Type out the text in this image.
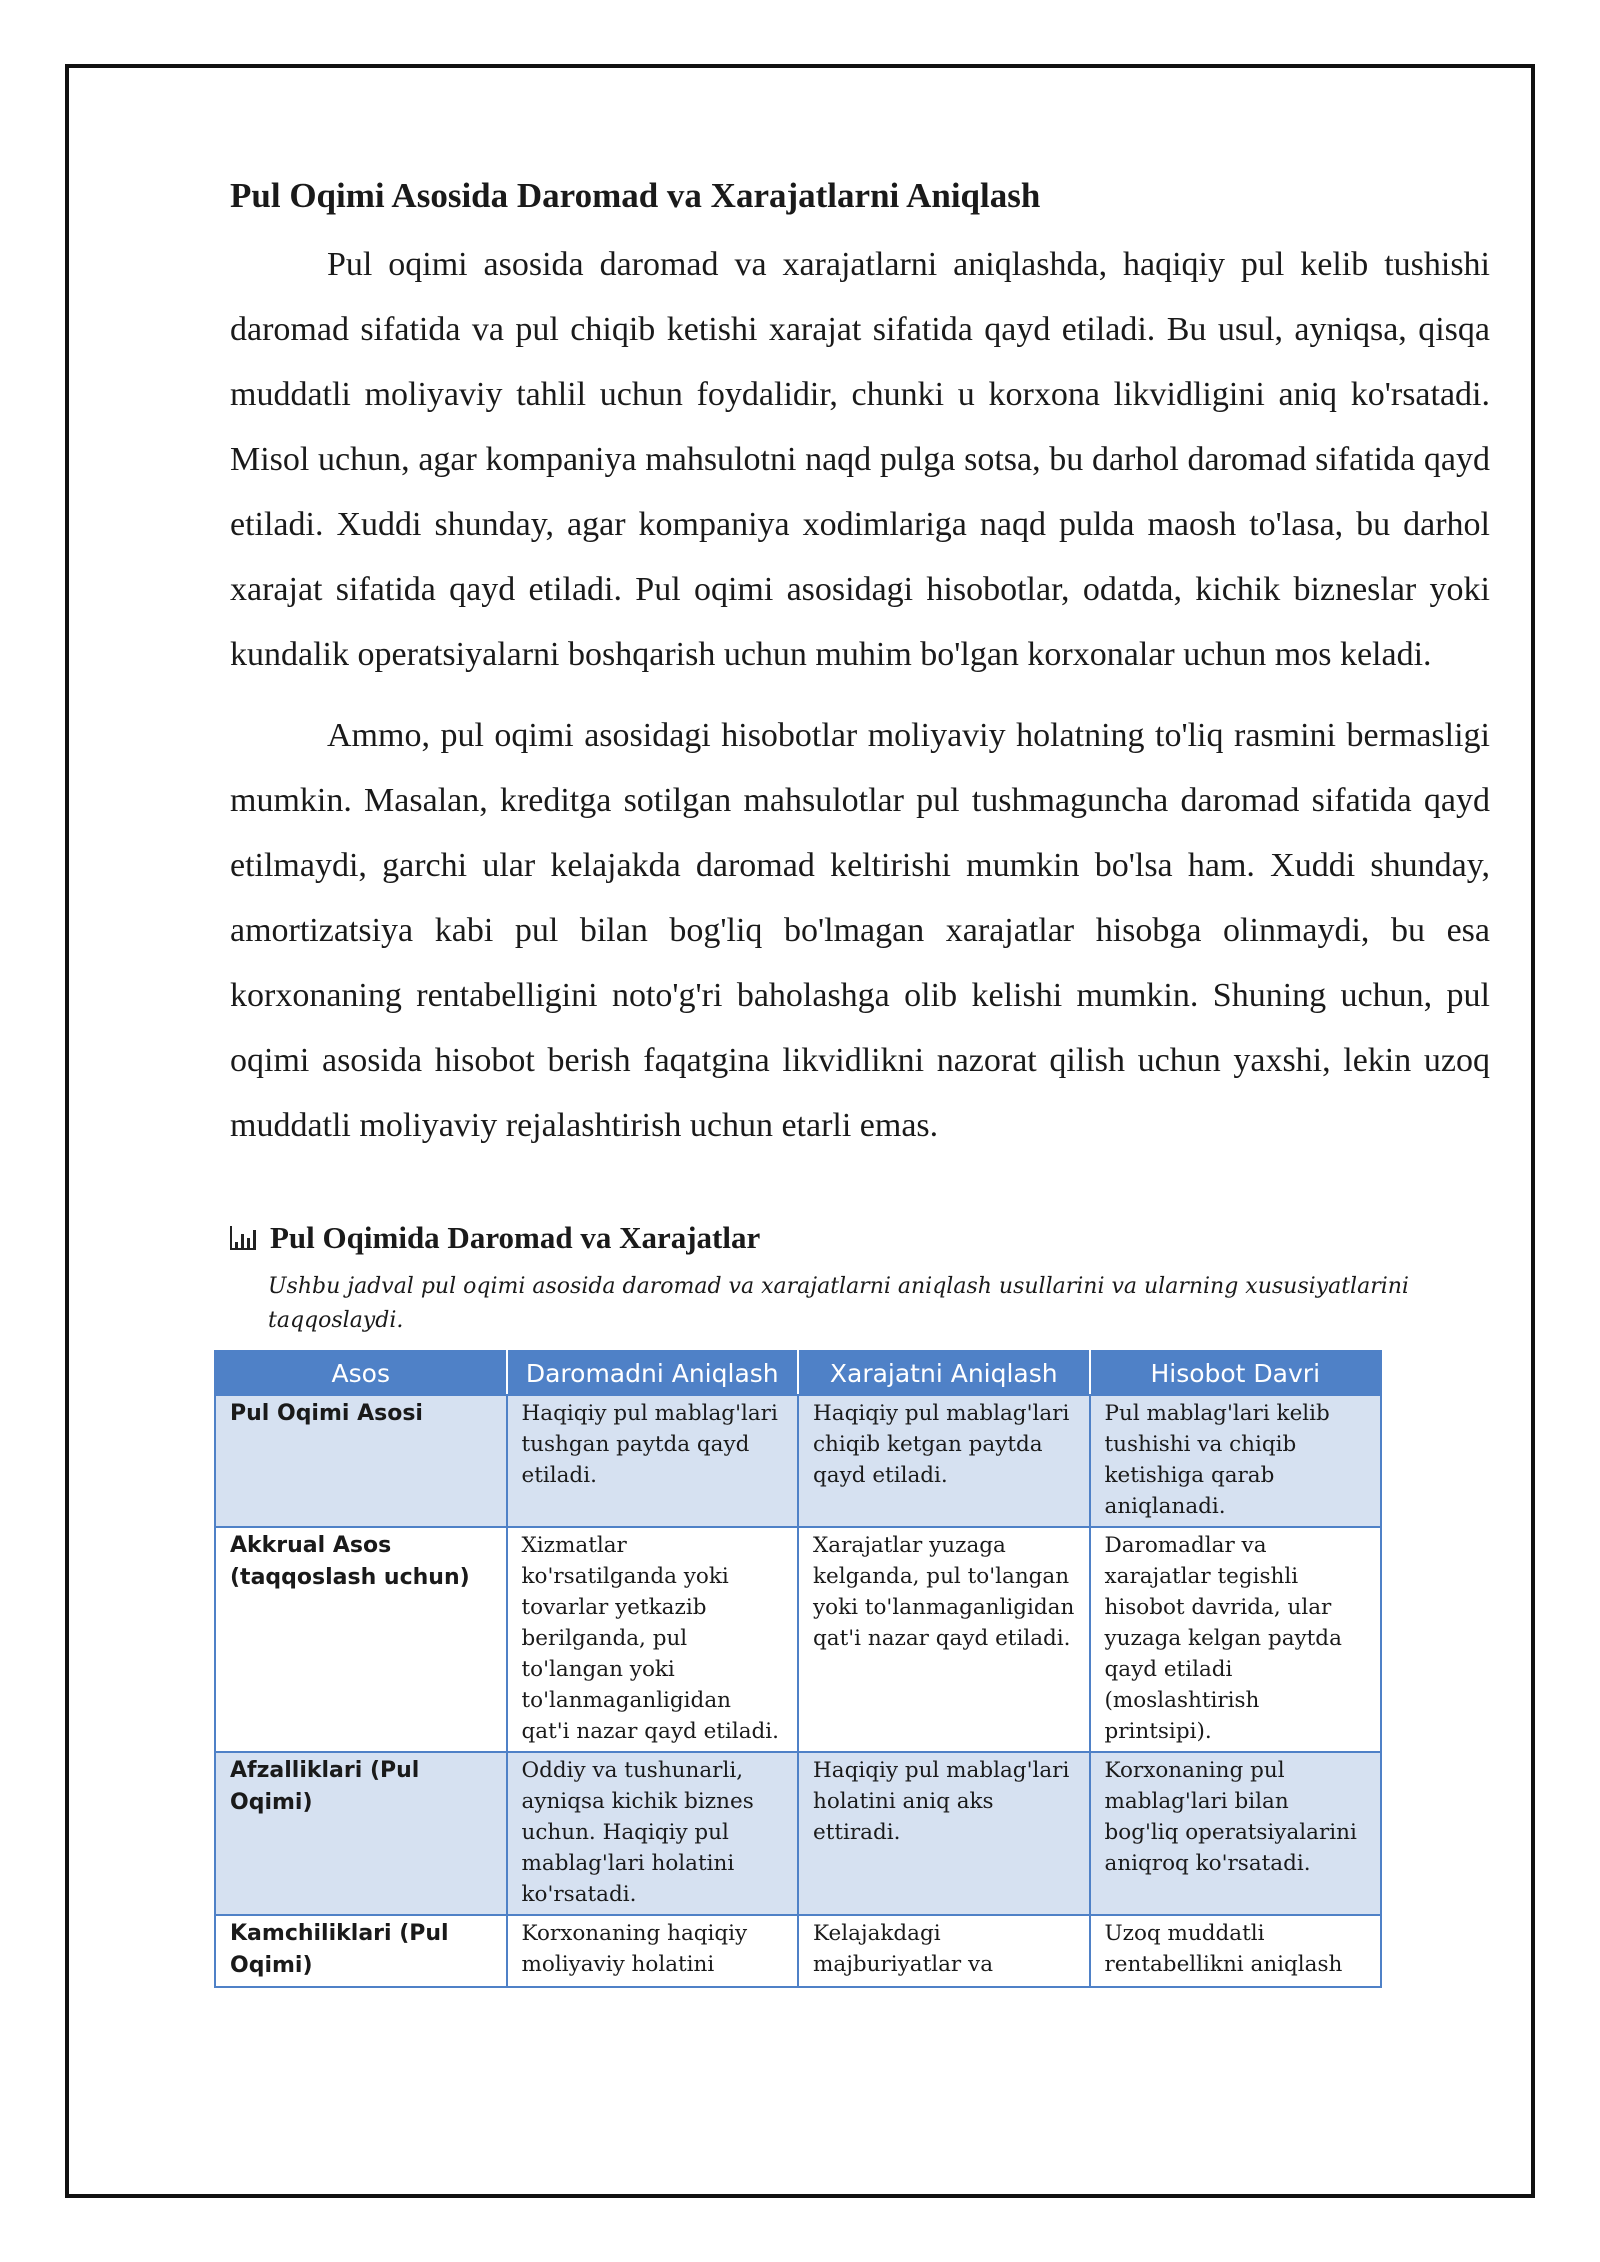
Pul Oqimi Asosida Daromad va Xarajatlarni Aniqlash

Pul oqimi asosida daromad va xarajatlarni aniqlashda, haqiqiy pul kelib tushishi daromad sifatida va pul chiqib ketishi xarajat sifatida qayd etiladi. Bu usul, ayniqsa, qisqa muddatli moliyaviy tahlil uchun foydalidir, chunki u korxona likvidligini aniq ko'rsatadi. Misol uchun, agar kompaniya mahsulotni naqd pulga sotsa, bu darhol daromad sifatida qayd etiladi. Xuddi shunday, agar kompaniya xodimlariga naqd pulda maosh to'lasa, bu darhol xarajat sifatida qayd etiladi. Pul oqimi asosidagi hisobotlar, odatda, kichik bizneslar yoki kundalik operatsiyalarni boshqarish uchun muhim bo'lgan korxonalar uchun mos keladi.

Ammo, pul oqimi asosidagi hisobotlar moliyaviy holatning to'liq rasmini bermasligi mumkin. Masalan, kreditga sotilgan mahsulotlar pul tushmaguncha daromad sifatida qayd etilmaydi, garchi ular kelajakda daromad keltirishi mumkin bo'lsa ham. Xuddi shunday, amortizatsiya kabi pul bilan bog'liq bo'lmagan xarajatlar hisobga olinmaydi, bu esa korxonaning rentabelligini noto'g'ri baholashga olib kelishi mumkin. Shuning uchun, pul oqimi asosida hisobot berish faqatgina likvidlikni nazorat qilish uchun yaxshi, lekin uzoq muddatli moliyaviy rejalashtirish uchun etarli emas.

Pul Oqimida Daromad va Xarajatlar
Ushbu jadval pul oqimi asosida daromad va xarajatlarni aniqlash usullarini va ularning xususiyatlarini taqqoslaydi.
Asos	Daromadni Aniqlash	Xarajatni Aniqlash	Hisobot Davri
Pul Oqimi Asosi	Haqiqiy pul mablag'lari tushgan paytda qayd etiladi.	Haqiqiy pul mablag'lari chiqib ketgan paytda qayd etiladi.	Pul mablag'lari kelib tushishi va chiqib ketishiga qarab aniqlanadi.
Akkrual Asos (taqqoslash uchun)	Xizmatlar ko'rsatilganda yoki tovarlar yetkazib berilganda, pul to'langan yoki to'lanmaganligidan qat'i nazar qayd etiladi.	Xarajatlar yuzaga kelganda, pul to'langan yoki to'lanmaganligidan qat'i nazar qayd etiladi.	Daromadlar va xarajatlar tegishli hisobot davrida, ular yuzaga kelgan paytda qayd etiladi (moslashtirish printsipi).
Afzalliklari (Pul Oqimi)	Oddiy va tushunarli, ayniqsa kichik biznes uchun. Haqiqiy pul mablag'lari holatini ko'rsatadi.	Haqiqiy pul mablag'lari holatini aniq aks ettiradi.	Korxonaning pul mablag'lari bilan bog'liq operatsiyalarini aniqroq ko'rsatadi.
Kamchiliklari (Pul Oqimi)	Korxonaning haqiqiy moliyaviy holatini	Kelajakdagi majburiyatlar va	Uzoq muddatli rentabellikni aniqlash
